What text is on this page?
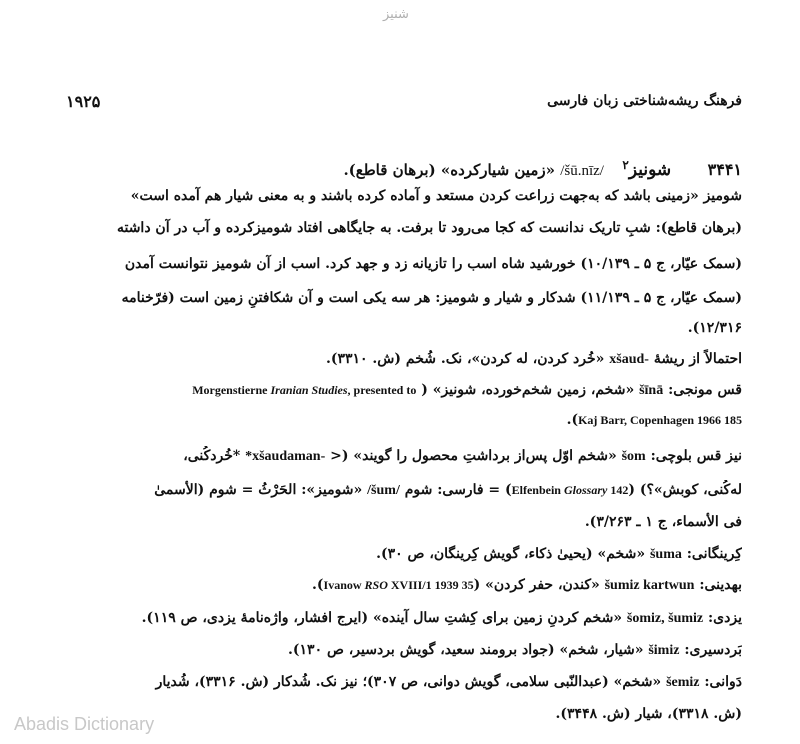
شنیز
۱۹۲۵	فرهنگ ریشه‌شناختی زبان فارسی
۳۴۴۱  شونیز$^۲$  /šū.nīz/ «زمین شیارکرده» (برهان قاطع).
شومیز «زمینی باشد که به‌جهت زراعت کردن مستعد و آماده کرده باشند و به معنی شیار هم آمده است»
(برهان قاطع): شبِ تاریک ندانست که کجا می‌رود تا برفت. به جایگاهی افتاد شومیزکرده و آب در آن داشته
(سمک عیّار، ج ۵ ـ ۱۰/۱۳۹) خورشید شاه اسب را تازیانه زد و جهد کرد. اسب از آن شومیز نتوانست آمدن
(سمک عیّار، ج ۵ ـ ۱۱/۱۳۹) شدکار و شیار و شومیز: هر سه یکی است و آن شکافتنِ زمین است (فرّخنامه
۱۲/۳۱۶).
احتمالاً از ریشهٔ xšaud- «خُرد کردن، له کردن»، نک. شُخم (ش. ۳۳۱۰).
قس مونجی: šīnā «شخم، زمین شخم‌خورده، شونیز» ( Morgenstierne Iranian Studies, presented to
Kaj Barr, Copenhagen 1966 185).
نیز قس بلوچی: šom «شخم اوّل پس‌از برداشتِ محصول را گویند» (< *xšaudaman- *خُردکُنی،
له‌کُنی، کوبش»؟) (Elfenbein Glossary 142) = فارسی: شوم /šum/ «شومیز»: الحَرْثُ = شوم (الأسمیٰ
فی الأسماء، ج ۱ ـ ۳/۲۶۳).
کِرینگانی: šuma «شخم» (یحییٰ ذکاء، گویش کِرینگان، ص ۳۰).
بهدینی: šumiz kartwun «کندن، حفر کردن» (Ivanow RSO XVIII/1 1939 35).
یزدی: šomiz, šumiz «شخم کردنِ زمین برای کِشتِ سال آینده» (ایرج افشار، واژه‌نامهٔ یزدی، ص ۱۱۹).
بَردسیری: šimiz «شیار، شخم» (جواد برومند سعید، گویش بردسیر، ص ۱۳۰).
دَوانی: šemiz «شخم» (عبدالنّبی سلامی، گویش دوانی، ص ۳۰۷)؛ نیز نک. شُدکار (ش. ۳۳۱۶)، شُدیار
(ش. ۳۳۱۸)، شیار (ش. ۳۴۴۸).
Abadis Dictionary
